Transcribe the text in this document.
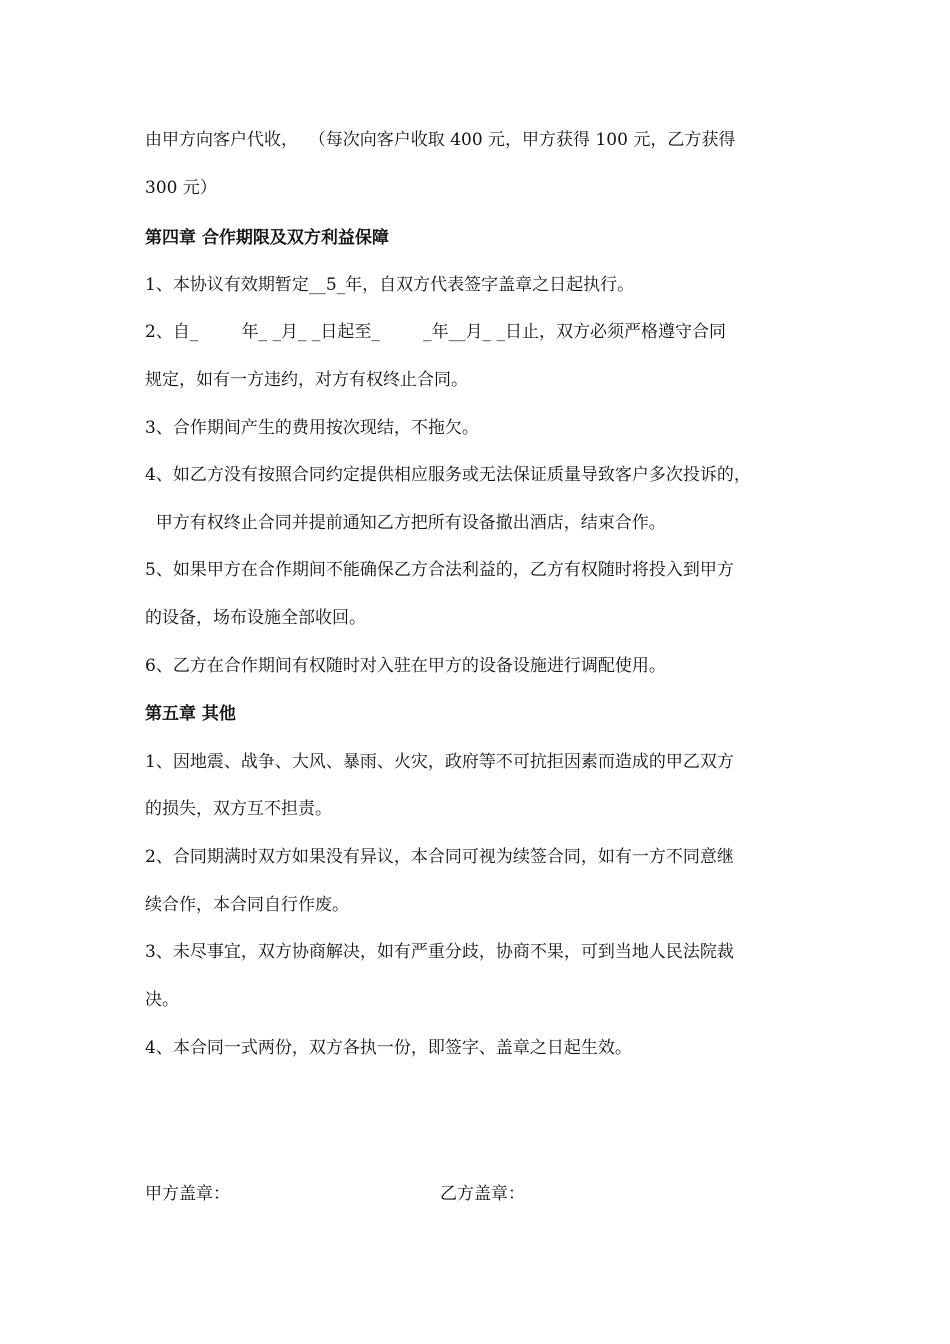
由甲方向客户代收，  （每次向客户收取 400 元，甲方获得 100 元，乙方获得
300 元）
第四章 合作期限及双方利益保障
1、本协议有效期暂定__5_年，自双方代表签字盖章之日起执行。
2、自_        年_ _月_ _日起至_        _年__月_ _日止，双方必须严格遵守合同
规定，如有一方违约，对方有权终止合同。
3、合作期间产生的费用按次现结，不拖欠。
4、如乙方没有按照合同约定提供相应服务或无法保证质量导致客户多次投诉的，
甲方有权终止合同并提前通知乙方把所有设备撤出酒店，结束合作。
5、如果甲方在合作期间不能确保乙方合法利益的，乙方有权随时将投入到甲方
的设备，场布设施全部收回。
6、乙方在合作期间有权随时对入驻在甲方的设备设施进行调配使用。
第五章 其他
1、因地震、战争、大风、暴雨、火灾，政府等不可抗拒因素而造成的甲乙双方
的损失，双方互不担责。
2、合同期满时双方如果没有异议，本合同可视为续签合同，如有一方不同意继
续合作，本合同自行作废。
3、未尽事宜，双方协商解决，如有严重分歧，协商不果，可到当地人民法院裁
决。
4、本合同一式两份，双方各执一份，即签字、盖章之日起生效。
甲方盖章：	乙方盖章：
